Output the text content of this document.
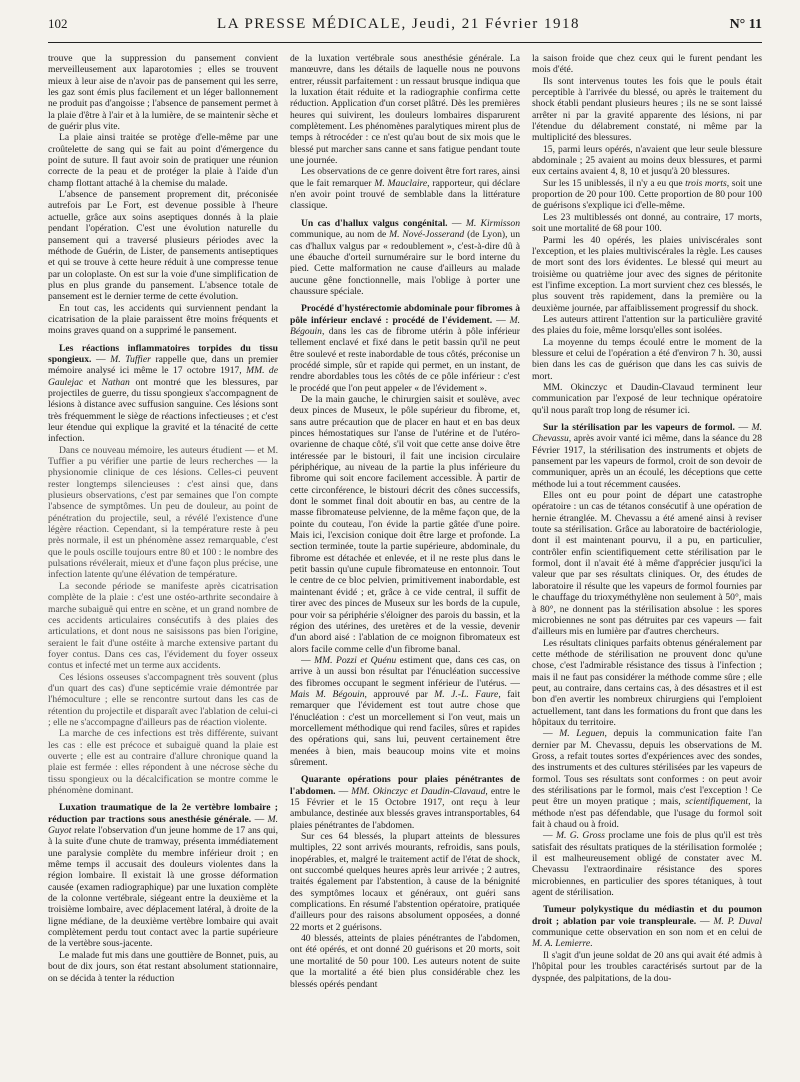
102	LA PRESSE MÉDICALE, Jeudi, 21 Février 1918	N° 11

trouve que la suppression du pansement convient merveilleusement aux laparotomies ; elles se trouvent mieux à leur aise de n'avoir pas de pansement qui les serre, les gaz sont émis plus facilement et un léger ballonnement ne produit pas d'angoisse ; l'absence de pansement permet à la plaie d'être à l'air et à la lumière, de se maintenir sèche et de guérir plus vite.

La plaie ainsi traitée se protège d'elle-même par une croûtelette de sang qui se fait au point d'émergence du point de suture. Il faut avoir soin de pratiquer une réunion correcte de la peau et de protéger la plaie à l'aide d'un champ flottant attaché à la chemise du malade.

L'absence de pansement proprement dit, préconisée autrefois par Le Fort, est devenue possible à l'heure actuelle, grâce aux soins aseptiques donnés à la plaie pendant l'opération. C'est une évolution naturelle du pansement qui a traversé plusieurs périodes avec la méthode de Guérin, de Lister, de pansements antiseptiques et qui se trouve à cette heure réduit à une compresse tenue par un coloplaste. On est sur la voie d'une simplification de plus en plus grande du pansement. L'absence totale de pansement est le dernier terme de cette évolution.

En tout cas, les accidents qui surviennent pendant la cicatrisation de la plaie paraissent être moins fréquents et moins graves quand on a supprimé le pansement.

Les réactions inflammatoires torpides du tissu spongieux. — M. Tuffier rappelle que, dans un premier mémoire analysé ici même le 17 octobre 1917, MM. de Gaulejac et Nathan ont montré que les blessures, par projectiles de guerre, du tissu spongieux s'accompagnent de lésions à distance avec suffusion sanguine. Ces lésions sont très fréquemment le siège de réactions infectieuses ; et c'est leur étendue qui explique la gravité et la ténacité de cette infection.

Dans ce nouveau mémoire, les auteurs étudient — et M. Tuffier a pu vérifier une partie de leurs recherches — la physionomie clinique de ces lésions. Celles-ci peuvent rester longtemps silencieuses : c'est ainsi que, dans plusieurs observations, c'est par semaines que l'on compte l'absence de symptômes. Un peu de douleur, au point de pénétration du projectile, seul, a révélé l'existence d'une légère réaction. Cependant, si la température reste à peu près normale, il est un phénomène assez remarquable, c'est que le pouls oscille toujours entre 80 et 100 : le nombre des pulsations révélerait, mieux et d'une façon plus précise, une infection latente qu'une élévation de température.

La seconde période se manifeste après cicatrisation complète de la plaie : c'est une ostéo-arthrite secondaire à marche subaiguë qui entre en scène, et un grand nombre de ces accidents articulaires consécutifs à des plaies des articulations, et dont nous ne saisissons pas bien l'origine, seraient le fait d'une ostéite à marche extensive partant du foyer contus. Dans ces cas, l'évidement du foyer osseux contus et infecté met un terme aux accidents.

Ces lésions osseuses s'accompagnent très souvent (plus d'un quart des cas) d'une septicémie vraie démontrée par l'hémoculture ; elle se rencontre surtout dans les cas de rétention du projectile et disparaît avec l'ablation de celui-ci ; elle ne s'accompagne d'ailleurs pas de réaction violente.

La marche de ces infections est très différente, suivant les cas : elle est précoce et subaiguë quand la plaie est ouverte ; elle est au contraire d'allure chronique quand la plaie est fermée : elles répondent à une nécrose sèche du tissu spongieux ou la décalcification se montre comme le phénomène dominant.

Luxation traumatique de la 2e vertèbre lombaire ; réduction par tractions sous anesthésie générale. — M. Guyot relate l'observation d'un jeune homme de 17 ans qui, à la suite d'une chute de tramway, présenta immédiatement une paralysie complète du membre inférieur droit ; en même temps il accusait des douleurs violentes dans la région lombaire. Il existait là une grosse déformation causée (examen radiographique) par une luxation complète de la colonne vertébrale, siégeant entre la deuxième et la troisième lombaire, avec déplacement latéral, à droite de la ligne médiane, de la deuxième vertèbre lombaire qui avait complètement perdu tout contact avec la partie supérieure de la vertèbre sous-jacente.

Le malade fut mis dans une gouttière de Bonnet, puis, au bout de dix jours, son état restant absolument stationnaire, on se décida à tenter la réduction

de la luxation vertébrale sous anesthésie générale. La manœuvre, dans les détails de laquelle nous ne pouvons entrer, réussit parfaitement : un ressaut brusque indiqua que la luxation était réduite et la radiographie confirma cette réduction. Application d'un corset plâtré. Dès les premières heures qui suivirent, les douleurs lombaires disparurent complètement. Les phénomènes paralytiques mirent plus de temps à rétrocéder : ce n'est qu'au bout de six mois que le blessé put marcher sans canne et sans fatigue pendant toute une journée.

Les observations de ce genre doivent être fort rares, ainsi que le fait remarquer M. Mauclaire, rapporteur, qui déclare n'en avoir point trouvé de semblable dans la littérature classique.

Un cas d'hallux valgus congénital. — M. Kirmisson communique, au nom de M. Nové-Josserand (de Lyon), un cas d'hallux valgus par « redoublement », c'est-à-dire dû à une ébauche d'orteil surnuméraire sur le bord interne du pied. Cette malformation ne cause d'ailleurs au malade aucune gêne fonctionnelle, mais l'oblige à porter une chaussure spéciale.

Procédé d'hystérectomie abdominale pour fibromes à pôle inférieur enclavé : procédé de l'évidement. — M. Bégouin, dans les cas de fibrome utérin à pôle inférieur tellement enclavé et fixé dans le petit bassin qu'il ne peut être soulevé et reste inabordable de tous côtés, préconise un procédé simple, sûr et rapide qui permet, en un instant, de rendre abordables tous les côtés de ce pôle inférieur : c'est le procédé que l'on peut appeler « de l'évidement ».

De la main gauche, le chirurgien saisit et soulève, avec deux pinces de Museux, le pôle supérieur du fibrome, et, sans autre précaution que de placer en haut et en bas deux pinces hémostatiques sur l'anse de l'utérine et de l'utéro-ovarienne de chaque côté, s'il voit que cette anse doive être intéressée par le bistouri, il fait une incision circulaire périphérique, au niveau de la partie la plus inférieure du fibrome qui soit encore facilement accessible. À partir de cette circonférence, le bistouri décrit des cônes successifs, dont le sommet final doit aboutir en bas, au centre de la masse fibromateuse pelvienne, de la même façon que, de la pointe du couteau, l'on évide la partie gâtée d'une poire. Mais ici, l'excision conique doit être large et profonde. La section terminée, toute la partie supérieure, abdominale, du fibrome est détachée et enlevée, et il ne reste plus dans le petit bassin qu'une cupule fibromateuse en entonnoir. Tout le centre de ce bloc pelvien, primitivement inabordable, est maintenant évidé ; et, grâce à ce vide central, il suffit de tirer avec des pinces de Museux sur les bords de la cupule, pour voir sa périphérie s'éloigner des parois du bassin, et la région des utérines, des uretères et de la vessie, devenir d'un abord aisé : l'ablation de ce moignon fibromateux est alors facile comme celle d'un fibrome banal.

— MM. Pozzi et Quénu estiment que, dans ces cas, on arrive à un aussi bon résultat par l'énucléation successive des fibromes occupant le segment inférieur de l'utérus. — Mais M. Bégouin, approuvé par M. J.-L. Faure, fait remarquer que l'évidement est tout autre chose que l'énucléation : c'est un morcellement si l'on veut, mais un morcellement méthodique qui rend faciles, sûres et rapides des opérations qui, sans lui, peuvent certainement être menées à bien, mais beaucoup moins vite et moins sûrement.

Quarante opérations pour plaies pénétrantes de l'abdomen. — MM. Okinczyc et Daudin-Clavaud, entre le 15 Février et le 15 Octobre 1917, ont reçu à leur ambulance, destinée aux blessés graves intransportables, 64 plaies pénétrantes de l'abdomen.

Sur ces 64 blessés, la plupart atteints de blessures multiples, 22 sont arrivés mourants, refroidis, sans pouls, inopérables, et, malgré le traitement actif de l'état de shock, ont succombé quelques heures après leur arrivée ; 2 autres, traités également par l'abstention, à cause de la bénignité des symptômes locaux et généraux, ont guéri sans complications. En résumé l'abstention opératoire, pratiquée d'ailleurs pour des raisons absolument opposées, a donné 22 morts et 2 guérisons.

40 blessés, atteints de plaies pénétrantes de l'abdomen, ont été opérés, et ont donné 20 guérisons et 20 morts, soit une mortalité de 50 pour 100. Les auteurs notent de suite que la mortalité a été bien plus considérable chez les blessés opérés pendant

la saison froide que chez ceux qui le furent pendant les mois d'été.

Ils sont intervenus toutes les fois que le pouls était perceptible à l'arrivée du blessé, ou après le traitement du shock établi pendant plusieurs heures ; ils ne se sont laissé arrêter ni par la gravité apparente des lésions, ni par l'étendue du délabrement constaté, ni même par la multiplicité des blessures.

15, parmi leurs opérés, n'avaient que leur seule blessure abdominale ; 25 avaient au moins deux blessures, et parmi eux certains avaient 4, 8, 10 et jusqu'à 20 blessures.

Sur les 15 uniblessés, il n'y a eu que trois morts, soit une proportion de 20 pour 100. Cette proportion de 80 pour 100 de guérisons s'explique ici d'elle-même.

Les 23 multiblessés ont donné, au contraire, 17 morts, soit une mortalité de 68 pour 100.

Parmi les 40 opérés, les plaies univiscérales sont l'exception, et les plaies multiviscérales la règle. Les causes de mort sont des lors évidentes. Le blessé qui meurt au troisième ou quatrième jour avec des signes de péritonite est l'infime exception. La mort survient chez ces blessés, le plus souvent très rapidement, dans la première ou la deuxième journée, par affaiblissement progressif du shock.

Les auteurs attirent l'attention sur la particulière gravité des plaies du foie, même lorsqu'elles sont isolées.

La moyenne du temps écoulé entre le moment de la blessure et celui de l'opération a été d'environ 7 h. 30, aussi bien dans les cas de guérison que dans les cas suivis de mort.

MM. Okinczyc et Daudin-Clavaud terminent leur communication par l'exposé de leur technique opératoire qu'il nous paraît trop long de résumer ici.

Sur la stérilisation par les vapeurs de formol. — M. Chevassu, après avoir vanté ici même, dans la séance du 28 Février 1917, la stérilisation des instruments et objets de pansement par les vapeurs de formol, croit de son devoir de communiquer, après un an écoulé, les déceptions que cette méthode lui a tout récemment causées.

Elles ont eu pour point de départ une catastrophe opératoire : un cas de tétanos consécutif à une opération de hernie étranglée. M. Chevassu a été amené ainsi à reviser toute sa stérilisation. Grâce au laboratoire de bactériologie, dont il est maintenant pourvu, il a pu, en particulier, contrôler enfin scientifiquement cette stérilisation par le formol, dont il n'avait été à même d'apprécier jusqu'ici la valeur que par ses résultats cliniques. Or, des études de laboratoire il résulte que les vapeurs de formol fournies par le chauffage du trioxyméthylène non seulement à 50°, mais à 80°, ne donnent pas la stérilisation absolue : les spores microbiennes ne sont pas détruites par ces vapeurs — fait d'ailleurs mis en lumière par d'autres chercheurs.

Les résultats cliniques parfaits obtenus généralement par cette méthode de stérilisation ne prouvent donc qu'une chose, c'est l'admirable résistance des tissus à l'infection ; mais il ne faut pas considérer la méthode comme sûre ; elle peut, au contraire, dans certains cas, à des désastres et il est bon d'en avertir les nombreux chirurgiens qui l'emploient actuellement, tant dans les formations du front que dans les hôpitaux du territoire.

— M. Leguen, depuis la communication faite l'an dernier par M. Chevassu, depuis les observations de M. Gross, a refait toutes sortes d'expériences avec des sondes, des instruments et des cultures stérilisées par les vapeurs de formol. Tous ses résultats sont conformes : on peut avoir des stérilisations par le formol, mais c'est l'exception ! Ce peut être un moyen pratique ; mais, scientifiquement, la méthode n'est pas défendable, que l'usage du formol soit fait à chaud ou à froid.

— M. G. Gross proclame une fois de plus qu'il est très satisfait des résultats pratiques de la stérilisation formolée ; il est malheureusement obligé de constater avec M. Chevassu l'extraordinaire résistance des spores microbiennes, en particulier des spores tétaniques, à tout agent de stérilisation.

Tumeur polykystique du médiastin et du poumon droit ; ablation par voie transpleurale. — M. P. Duval communique cette observation en son nom et en celui de M. A. Lemierre.

Il s'agit d'un jeune soldat de 20 ans qui avait été admis à l'hôpital pour les troubles caractérisés surtout par de la dyspnée, des palpitations, de la dou-
